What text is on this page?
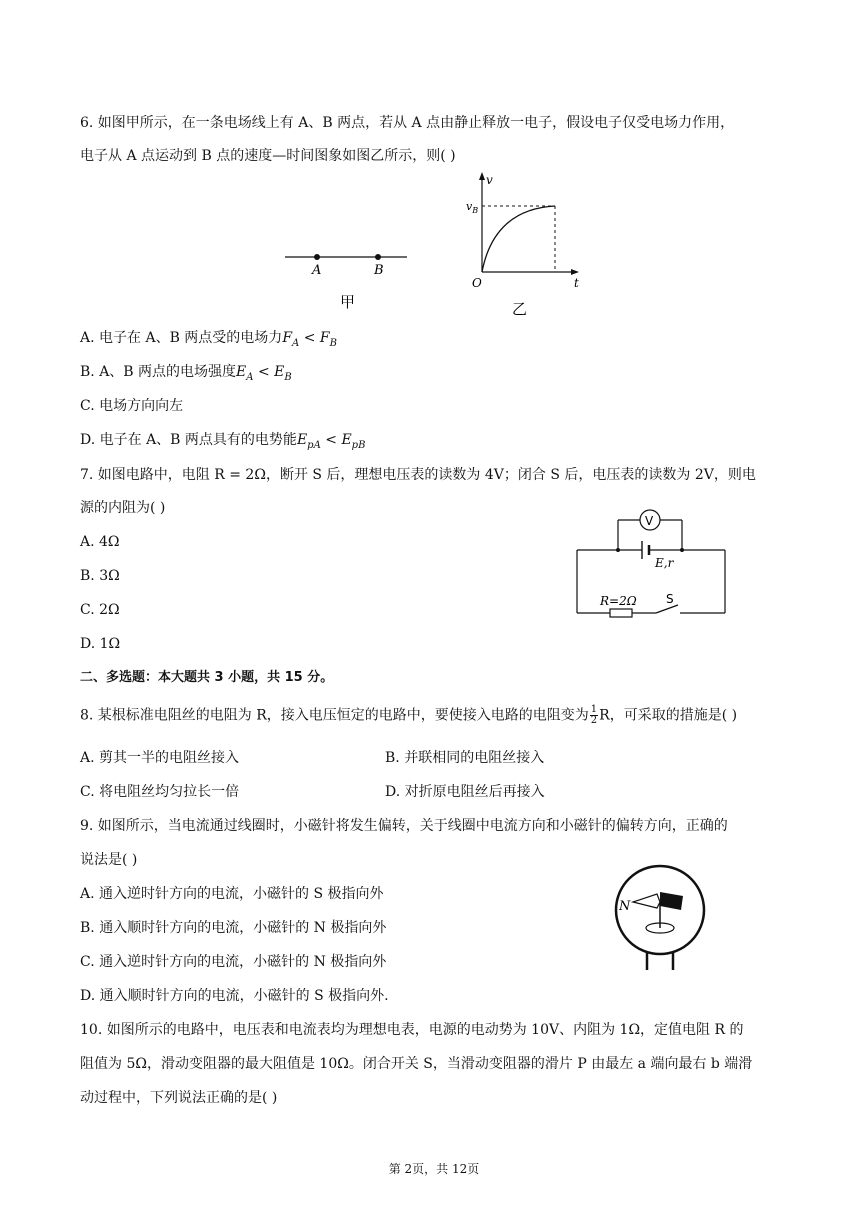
6. 如图甲所示，在一条电场线上有 A、B 两点，若从 A 点由静止释放一电子，假设电子仅受电场力作用，
电子从 A 点运动到 B 点的速度—时间图象如图乙所示，则( )
A	B
甲
v
t
O
$v_B$
乙
A. 电子在 A、B 两点受的电场力$F_A < F_B$
B. A、B 两点的电场强度$E_A < E_B$
C. 电场方向向左
D. 电子在 A、B 两点具有的电势能$E_{pA} < E_{pB}$
7. 如图电路中，电阻 R = 2Ω，断开 S 后，理想电压表的读数为 4V；闭合 S 后，电压表的读数为 2V，则电
源的内阻为( )
A. 4Ω
B. 3Ω
C. 2Ω
D. 1Ω
V
E,r
R=2Ω S
二、多选题：本大题共 3 小题，共 15 分。
8. 某根标准电阻丝的电阻为 R，接入电压恒定的电路中，要使接入电路的电阻变为 $\frac{1}{2}$ R，可采取的措施是( )
A. 剪其一半的电阻丝接入	B. 并联相同的电阻丝接入
C. 将电阻丝均匀拉长一倍	D. 对折原电阻丝后再接入
9. 如图所示，当电流通过线圈时，小磁针将发生偏转，关于线圈中电流方向和小磁针的偏转方向，正确的
说法是( )
A. 通入逆时针方向的电流，小磁针的 S 极指向外
B. 通入顺时针方向的电流，小磁针的 N 极指向外
C. 通入逆时针方向的电流，小磁针的 N 极指向外
D. 通入顺时针方向的电流，小磁针的 S 极指向外.
N
10. 如图所示的电路中，电压表和电流表均为理想电表，电源的电动势为 10V、内阻为 1Ω，定值电阻 R 的
阻值为 5Ω，滑动变阻器的最大阻值是 10Ω。闭合开关 S，当滑动变阻器的滑片 P 由最左 a 端向最右 b 端滑
动过程中，下列说法正确的是( )
第 2页，共 12页
